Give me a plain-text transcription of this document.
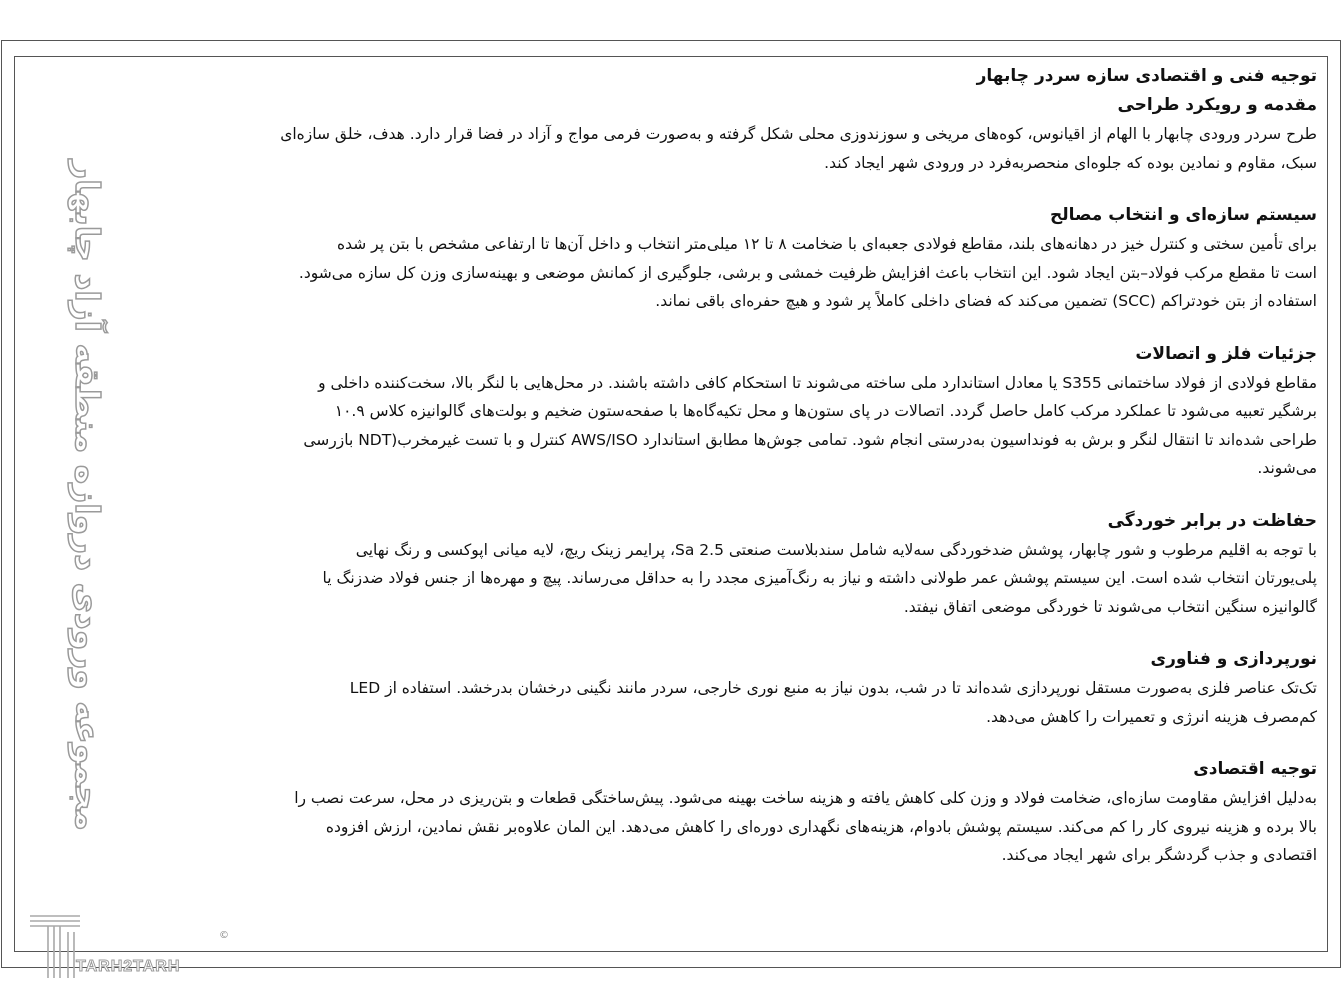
مجموعه ورودی دروازه منطقه آزاد چابهار

توجیه فنی و اقتصادی سازه سردر چابهار

مقدمه و رویکرد طراحی

طرح سردر ورودی چابهار با الهام از اقیانوس، کوه‌های مریخی و سوزندوزی محلی شکل گرفته و به‌صورت فرمی مواج و آزاد در فضا قرار دارد. هدف، خلق سازه‌ای

سبک، مقاوم و نمادین بوده که جلوه‌ای منحصربه‌فرد در ورودی شهر ایجاد کند.

سیستم سازه‌ای و انتخاب مصالح

برای تأمین سختی و کنترل خیز در دهانه‌های بلند، مقاطع فولادی جعبه‌ای با ضخامت ۸ تا ۱۲ میلی‌متر انتخاب و داخل آن‌ها تا ارتفاعی مشخص با بتن پر شده

است تا مقطع مرکب فولاد–بتن ایجاد شود. این انتخاب باعث افزایش ظرفیت خمشی و برشی، جلوگیری از کمانش موضعی و بهینه‌سازی وزن کل سازه می‌شود.

استفاده از بتن خودتراکم (SCC) تضمین می‌کند که فضای داخلی کاملاً پر شود و هیچ حفره‌ای باقی نماند.

جزئیات فلز و اتصالات

مقاطع فولادی از فولاد ساختمانی S355 یا معادل استاندارد ملی ساخته می‌شوند تا استحکام کافی داشته باشند. در محل‌هایی با لنگر بالا، سخت‌کننده داخلی و

برشگیر تعبیه می‌شود تا عملکرد مرکب کامل حاصل گردد. اتصالات در پای ستون‌ها و محل تکیه‌گاه‌ها با صفحه‌ستون ضخیم و بولت‌های گالوانیزه کلاس ۱۰.۹

طراحی شده‌اند تا انتقال لنگر و برش به فونداسیون به‌درستی انجام شود. تمامی جوش‌ها مطابق استاندارد AWS/ISO کنترل و با تست غیرمخرب(NDT بازرسی

می‌شوند.

حفاظت در برابر خوردگی

با توجه به اقلیم مرطوب و شور چابهار، پوشش ضدخوردگی سه‌لایه شامل سندبلاست صنعتی Sa 2.5، پرایمر زینک ریچ، لایه میانی اپوکسی و رنگ نهایی

پلی‌یورتان انتخاب شده است. این سیستم پوشش عمر طولانی داشته و نیاز به رنگ‌آمیزی مجدد را به حداقل می‌رساند. پیچ و مهره‌ها از جنس فولاد ضدزنگ یا

گالوانیزه سنگین انتخاب می‌شوند تا خوردگی موضعی اتفاق نیفتد.

نورپردازی و فناوری

تک‌تک عناصر فلزی به‌صورت مستقل نورپردازی شده‌اند تا در شب، بدون نیاز به منبع نوری خارجی، سردر مانند نگینی درخشان بدرخشد. استفاده از LED

کم‌مصرف هزینه انرژی و تعمیرات را کاهش می‌دهد.

توجیه اقتصادی

به‌دلیل افزایش مقاومت سازه‌ای، ضخامت فولاد و وزن کلی کاهش یافته و هزینه ساخت بهینه می‌شود. پیش‌ساختگی قطعات و بتن‌ریزی در محل، سرعت نصب را

بالا برده و هزینه نیروی کار را کم می‌کند. سیستم پوشش بادوام، هزینه‌های نگهداری دوره‌ای را کاهش می‌دهد. این المان علاوه‌بر نقش نمادین، ارزش افزوده

اقتصادی و جذب گردشگر برای شهر ایجاد می‌کند.

TARH2TARH
©
